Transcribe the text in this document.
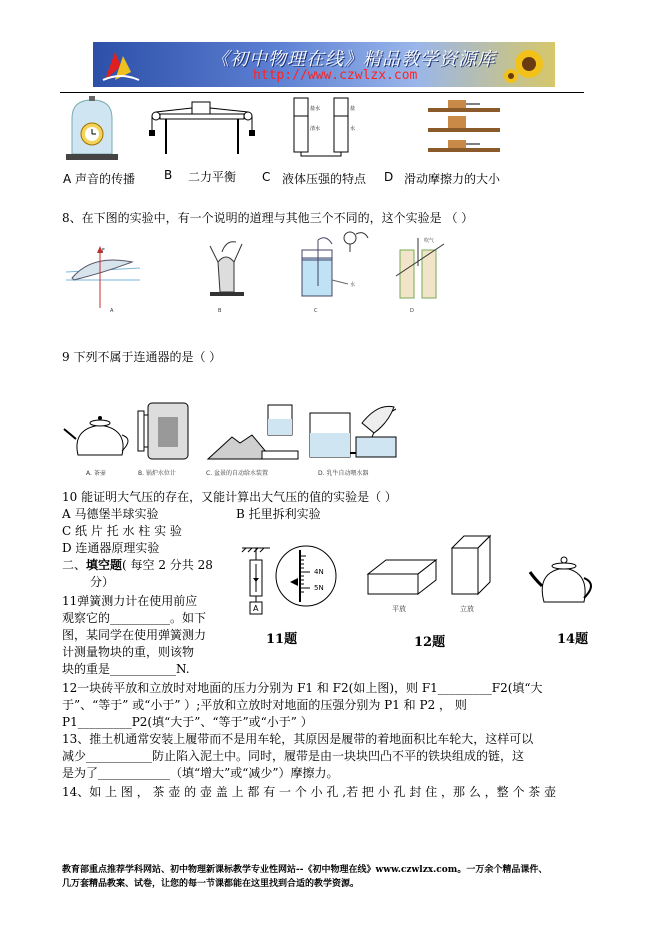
《初中物理在线》精品教学资源库
http://www.czwlzx.com
盐水
清水
盐
水
A 声音的传播 B 二力平衡 C 液体压强的特点 D 滑动摩擦力的大小
8、在下图的实验中，有一个说明的道理与其他三个不同的，这个实验是 （ ）
F
A	B
水
C
吹气
D
9 下列不属于连通器的是（ ）
A. 茶壶	B. 锅炉水位计	C. 盆景的自动给水装置	D. 乳牛自动喂水器
10 能证明大气压的存在，又能计算出大气压的值的实验是（ ）
A 马德堡半球实验	B 托里拆利实验
C 纸 片 托 水 柱 实 验
D 连通器原理实验
二、填空题( 每空 2 分共 28
分）
11弹簧测力计在使用前应
观察它的__________。如下
图，某同学在使用弹簧测力
计测量物块的重，则该物
块的重是___________N.
A
4N
5N
平放	立放
11题	12题	14题
12一块砖平放和立放时对地面的压力分别为 F1 和 F2(如上图)，则 F1_________F2(填“大
于”、“等于” 或“小于” ）;平放和立放时对地面的压强分别为 P1 和 P2 ， 则
P1_________P2(填“大于”、“等于”或“小于” ）
13、推土机通常安装上履带而不是用车轮，其原因是履带的着地面积比车轮大，这样可以
减少___________防止陷入泥土中。同时，履带是由一块块凹凸不平的铁块组成的链，这
是为了____________（填“增大”或“减少”）摩擦力。
14、如 上 图 ， 茶 壶 的 壶 盖 上 都 有 一 个 小 孔 ,若 把 小 孔 封 住 ，那 么 ，整 个 茶 壶
教育部重点推荐学科网站、初中物理新课标教学专业性网站--《初中物理在线》www.czwlzx.com。一万余个精品课件、
几万套精品教案、试卷，让您的每一节课都能在这里找到合适的教学资源。
